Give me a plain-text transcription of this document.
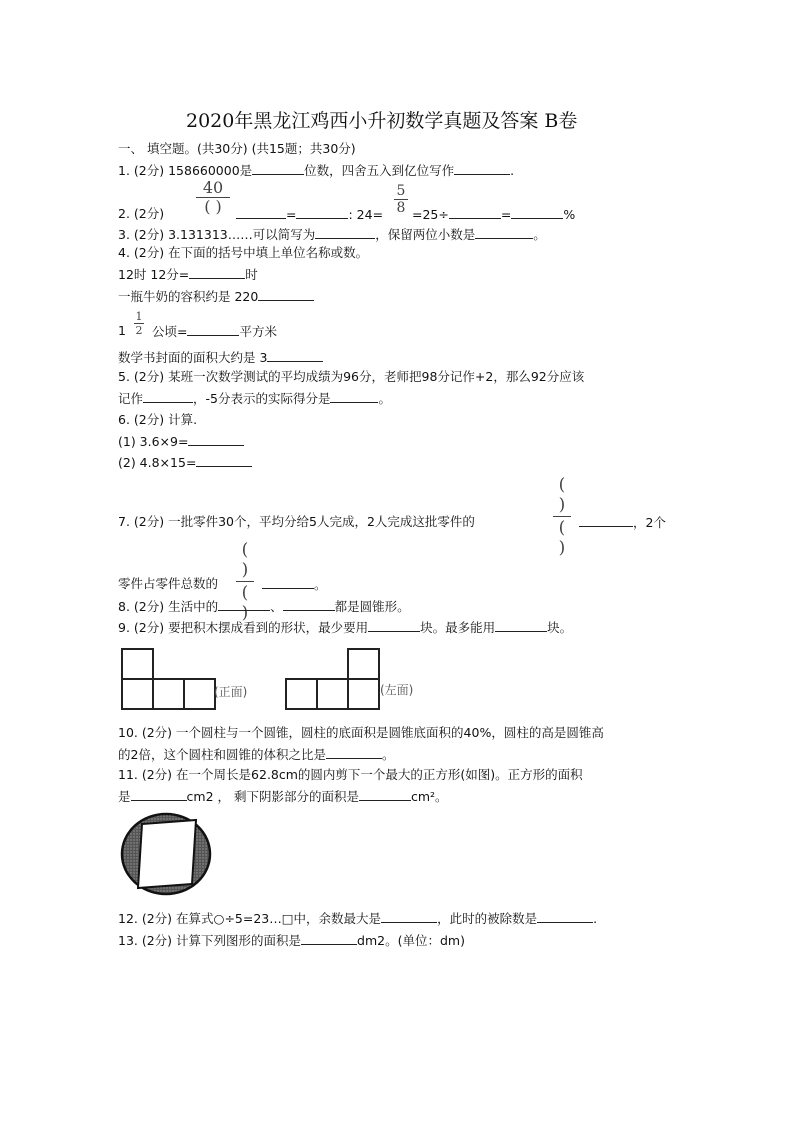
2020年黑龙江鸡西小升初数学真题及答案 B卷
一、 填空题。(共30分) (共15题；共30分)
1. (2分) 158660000是	位数，四舍五入到亿位写作	.
40
( )
5
8
2. (2分)	=	: 24= =25÷	=	%
3. (2分) 3.131313……可以简写为	，保留两位小数是	。
4. (2分) 在下面的括号中填上单位名称或数。
12时 12分=	时
一瓶牛奶的容积约是 220
1
1
2 公顷=	平方米
数学书封面的面积大约是 3
5. (2分) 某班一次数学测试的平均成绩为96分，老师把98分记作+2，那么92分应该
记作	，-5分表示的实际得分是	。
6. (2分) 计算.
(1) 3.6×9=
(2) 4.8×15=
( )
( )
7. (2分) 一批零件30个，平均分给5人完成，2人完成这批零件的	，2个
( )
( )
零件占零件总数的	。
8. (2分) 生活中的	、	都是圆锥形。
9. (2分) 要把积木摆成看到的形状，最少要用	块。最多能用	块。
(正面)	(左面)
10. (2分) 一个圆柱与一个圆锥，圆柱的底面积是圆锥底面积的40%，圆柱的高是圆锥高
的2倍，这个圆柱和圆锥的体积之比是	。
11. (2分) 在一个周长是62.8cm的圆内剪下一个最大的正方形(如图)。正方形的面积
是	cm2 ， 剩下阴影部分的面积是	cm²。
12. (2分) 在算式○÷5=23…□中，余数最大是	，此时的被除数是	.
13. (2分) 计算下列图形的面积是	dm2。(单位：dm)
